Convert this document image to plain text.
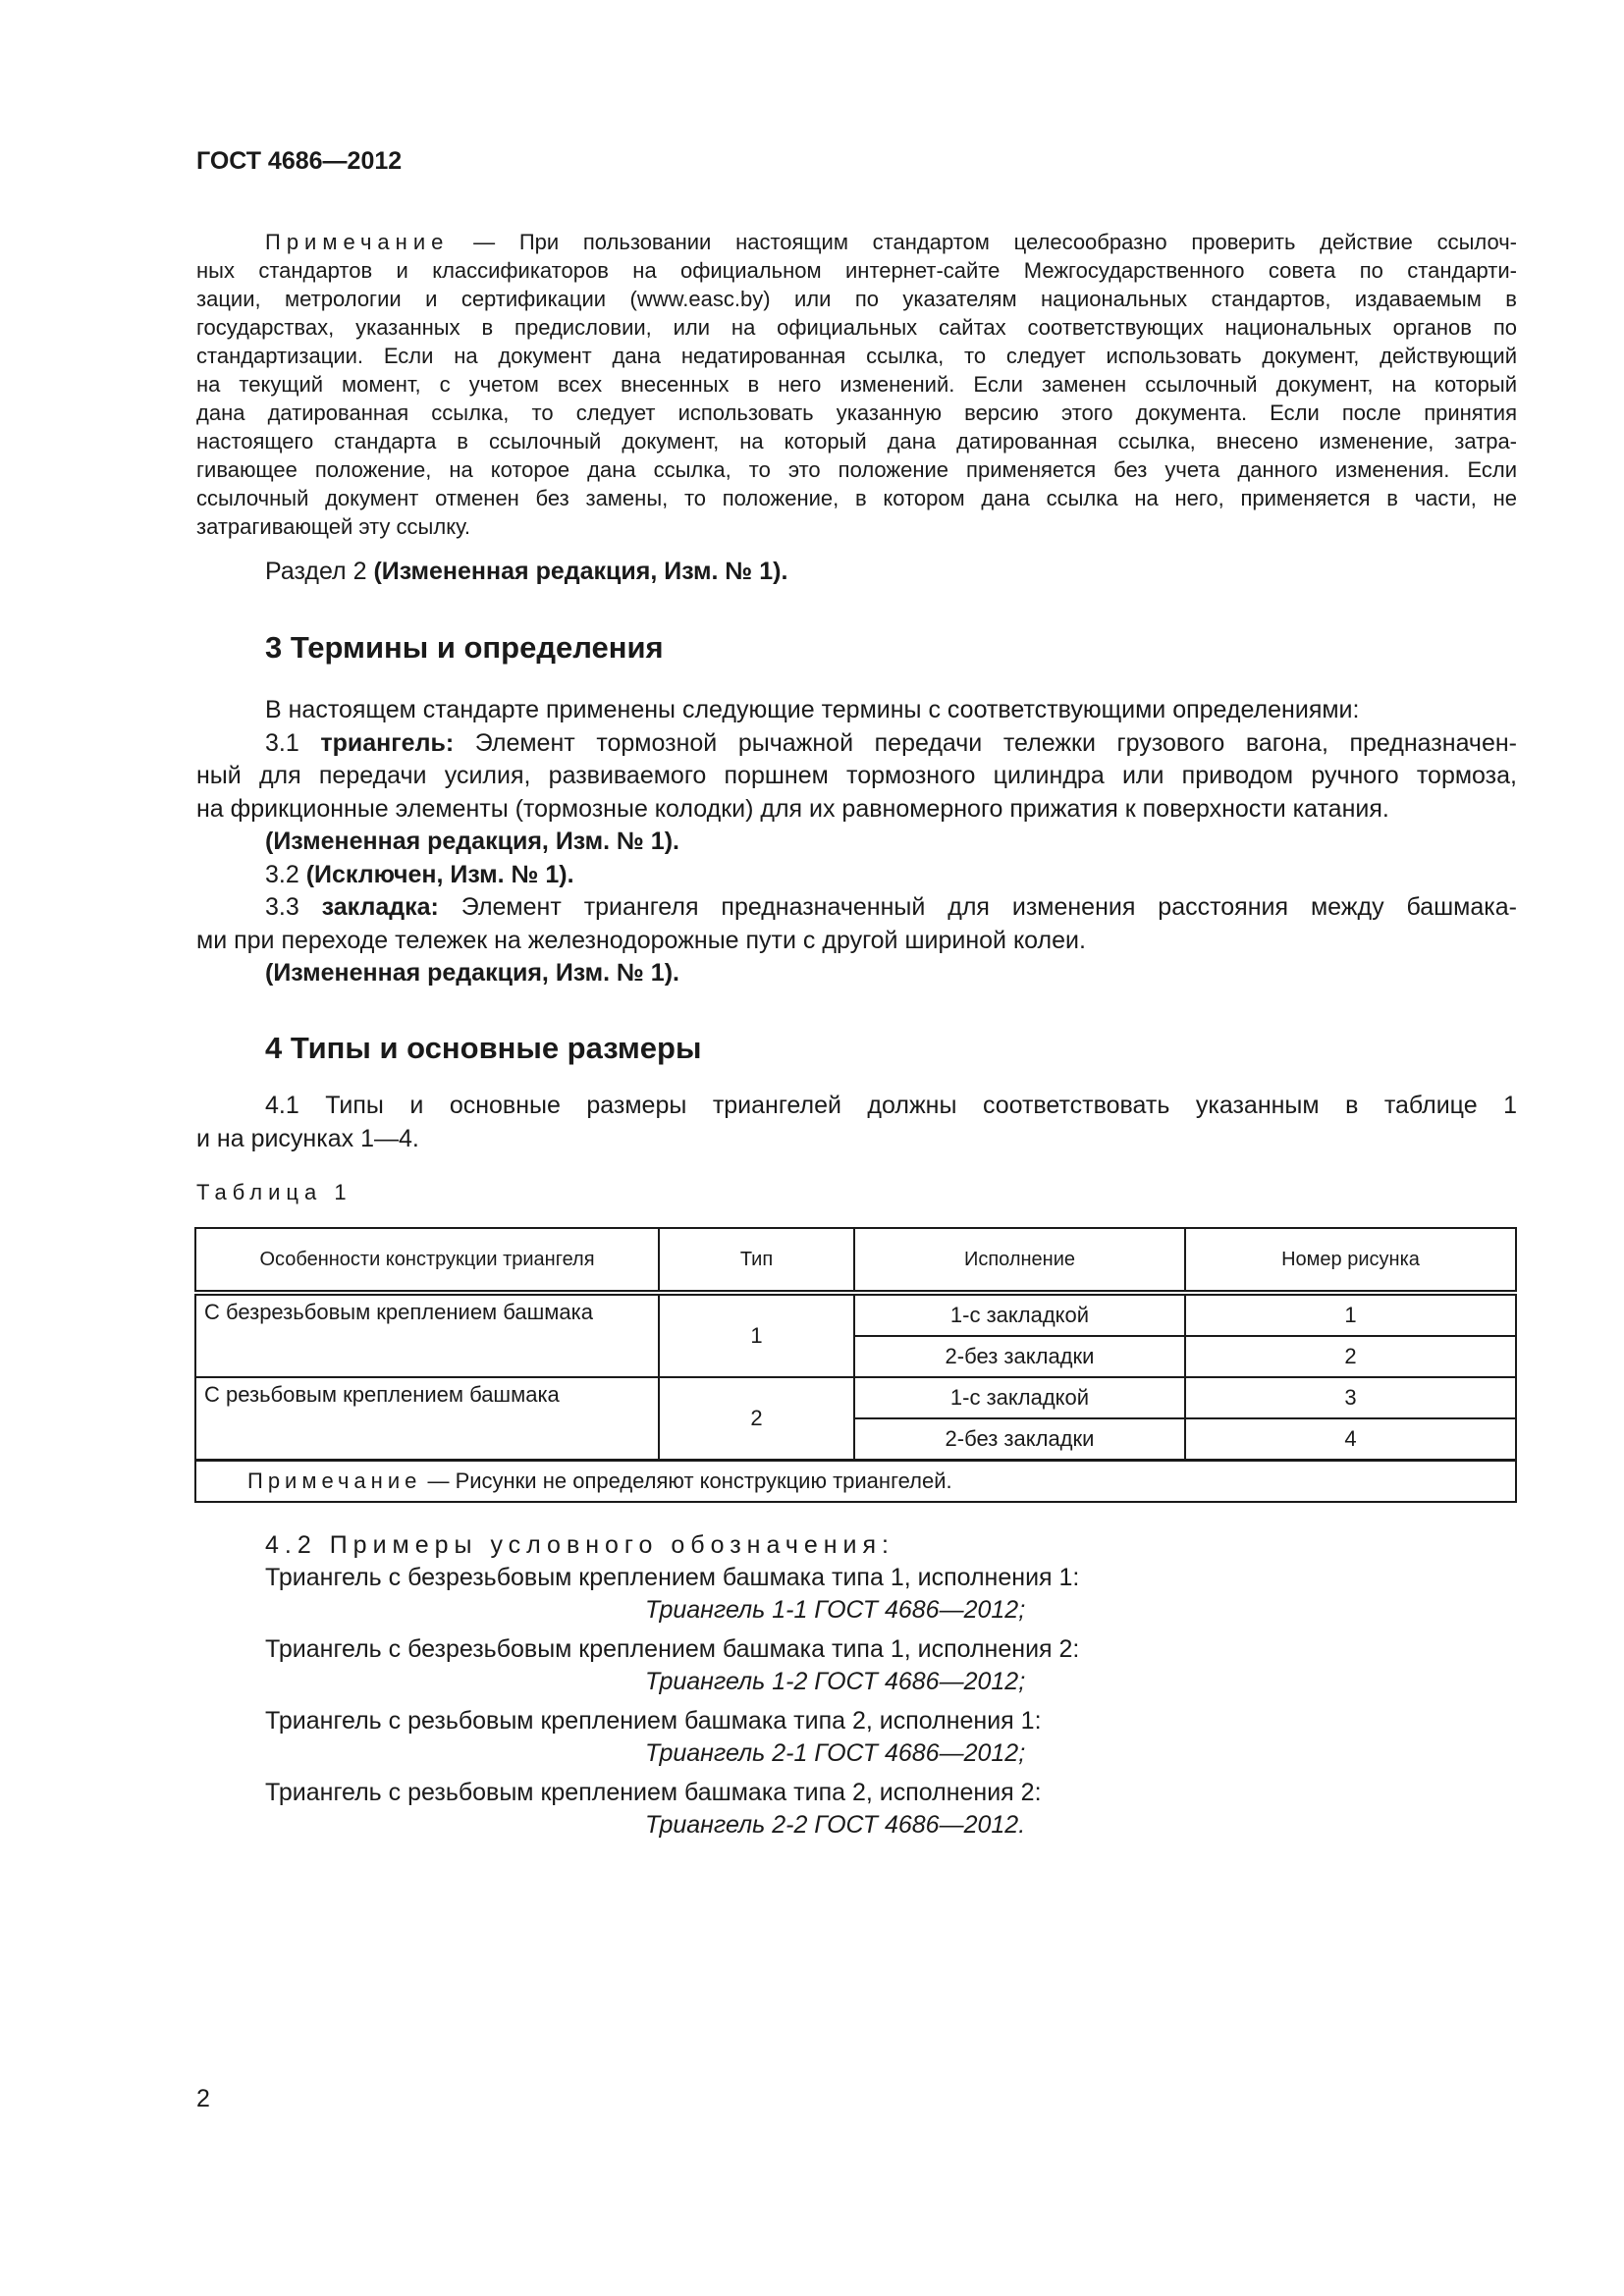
ГОСТ 4686—2012
Примечание — При пользовании настоящим стандартом целесообразно проверить действие ссылоч-
ных стандартов и классификаторов на официальном интернет-сайте Межгосударственного совета по стандарти-
зации, метрологии и сертификации (www.easc.by) или по указателям национальных стандартов, издаваемым в
государствах, указанных в предисловии, или на официальных сайтах соответствующих национальных органов по
стандартизации. Если на документ дана недатированная ссылка, то следует использовать документ, действующий
на текущий момент, с учетом всех внесенных в него изменений. Если заменен ссылочный документ, на который
дана датированная ссылка, то следует использовать указанную версию этого документа. Если после принятия
настоящего стандарта в ссылочный документ, на который дана датированная ссылка, внесено изменение, затра-
гивающее положение, на которое дана ссылка, то это положение применяется без учета данного изменения. Если
ссылочный документ отменен без замены, то положение, в котором дана ссылка на него, применяется в части, не
затрагивающей эту ссылку.
Раздел 2 (Измененная редакция, Изм. № 1).
3 Термины и определения
В настоящем стандарте применены следующие термины с соответствующими определениями:
3.1 триангель: Элемент тормозной рычажной передачи тележки грузового вагона, предназначен-
ный для передачи усилия, развиваемого поршнем тормозного цилиндра или приводом ручного тормоза,
на фрикционные элементы (тормозные колодки) для их равномерного прижатия к поверхности катания.
(Измененная редакция, Изм. № 1).
3.2 (Исключен, Изм. № 1).
3.3 закладка: Элемент триангеля предназначенный для изменения расстояния между башмака-
ми при переходе тележек на железнодорожные пути с другой шириной колеи.
(Измененная редакция, Изм. № 1).
4 Типы и основные размеры
4.1 Типы и основные размеры триангелей должны соответствовать указанным в таблице 1
и на рисунках 1—4.
Таблица 1
Особенности конструкции триангеля	Тип	Исполнение	Номер рисунка
С безрезьбовым креплением башмака	1	1-с закладкой	1
		2-без закладки	2
С резьбовым креплением башмака	2	1-с закладкой	3
		2-без закладки	4
Примечание — Рисунки не определяют конструкцию триангелей.			
4.2 Примеры условного обозначения:
Триангель с безрезьбовым креплением башмака типа 1, исполнения 1:
Триангель 1-1 ГОСТ 4686—2012;
Триангель с безрезьбовым креплением башмака типа 1, исполнения 2:
Триангель 1-2 ГОСТ 4686—2012;
Триангель с резьбовым креплением башмака типа 2, исполнения 1:
Триангель 2-1 ГОСТ 4686—2012;
Триангель с резьбовым креплением башмака типа 2, исполнения 2:
Триангель 2-2 ГОСТ 4686—2012.
2
